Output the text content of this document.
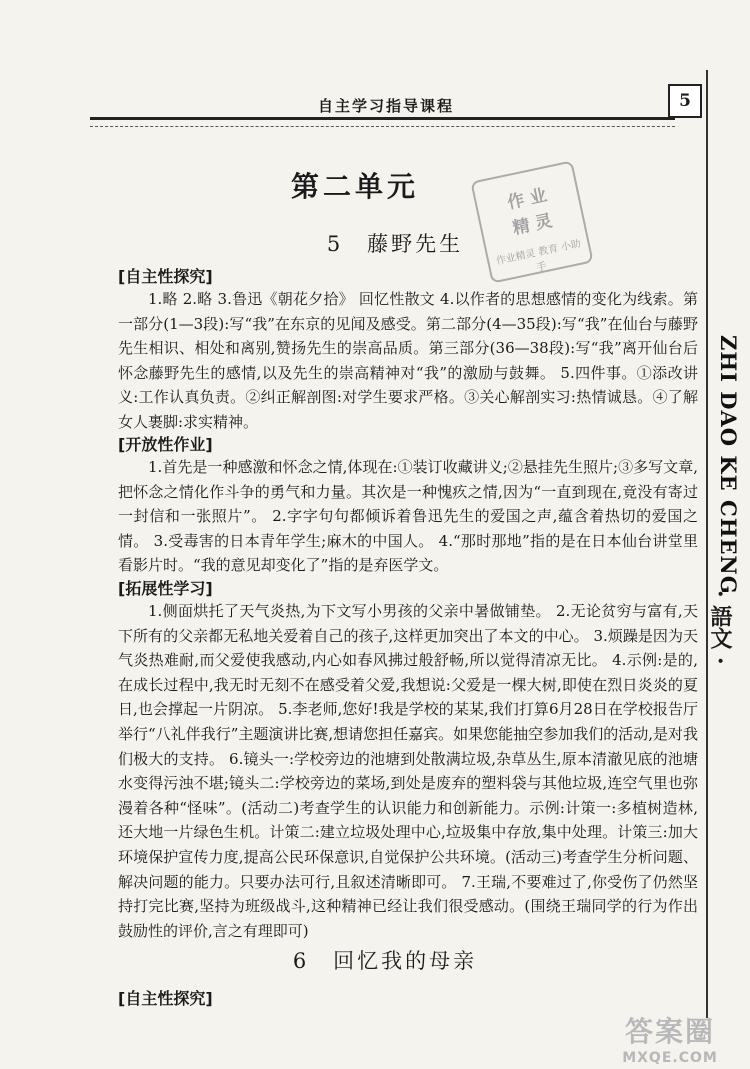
自主学习指导课程	5
ZHI DAO KE CHENG
· 語文 ·
第二单元	作 业
精 灵
作业精灵 教育 小助手
5　藤野先生
[自主性探究]
1.略 2.略 3.鲁迅《朝花夕拾》 回忆性散文 4.以作者的思想感情的变化为线索。第一部分(1—3段):写“我”在东京的见闻及感受。第二部分(4—35段):写“我”在仙台与藤野先生相识、相处和离别,赞扬先生的崇高品质。第三部分(36—38段):写“我”离开仙台后怀念藤野先生的感情,以及先生的崇高精神对“我”的激励与鼓舞。 5.四件事。①添改讲义:工作认真负责。②纠正解剖图:对学生要求严格。③关心解剖实习:热情诚恳。④了解女人裹脚:求实精神。
[开放性作业]
1.首先是一种感激和怀念之情,体现在:①装订收藏讲义;②悬挂先生照片;③多写文章,把怀念之情化作斗争的勇气和力量。其次是一种愧疚之情,因为“一直到现在,竟没有寄过一封信和一张照片”。 2.字字句句都倾诉着鲁迅先生的爱国之声,蕴含着热切的爱国之情。 3.受毒害的日本青年学生;麻木的中国人。 4.“那时那地”指的是在日本仙台讲堂里看影片时。“我的意见却变化了”指的是弃医学文。
[拓展性学习]
1.侧面烘托了天气炎热,为下文写小男孩的父亲中暑做铺垫。 2.无论贫穷与富有,天下所有的父亲都无私地关爱着自己的孩子,这样更加突出了本文的中心。 3.烦躁是因为天气炎热难耐,而父爱使我感动,内心如春风拂过般舒畅,所以觉得清凉无比。 4.示例:是的,在成长过程中,我无时无刻不在感受着父爱,我想说:父爱是一棵大树,即使在烈日炎炎的夏日,也会撑起一片阴凉。 5.李老师,您好!我是学校的某某,我们打算6月28日在学校报告厅举行“八礼伴我行”主题演讲比赛,想请您担任嘉宾。如果您能抽空参加我们的活动,是对我们极大的支持。 6.镜头一:学校旁边的池塘到处散满垃圾,杂草丛生,原本清澈见底的池塘水变得污浊不堪;镜头二:学校旁边的菜场,到处是废弃的塑料袋与其他垃圾,连空气里也弥漫着各种“怪味”。(活动二)考查学生的认识能力和创新能力。示例:计策一:多植树造林,还大地一片绿色生机。计策二:建立垃圾处理中心,垃圾集中存放,集中处理。计策三:加大环境保护宣传力度,提高公民环保意识,自觉保护公共环境。(活动三)考查学生分析问题、解决问题的能力。只要办法可行,且叙述清晰即可。 7.王瑞,不要难过了,你受伤了仍然坚持打完比赛,坚持为班级战斗,这种精神已经让我们很受感动。(围绕王瑞同学的行为作出鼓励性的评价,言之有理即可)
6　回忆我的母亲
[自主性探究]
答案圈
MXQE.COM
